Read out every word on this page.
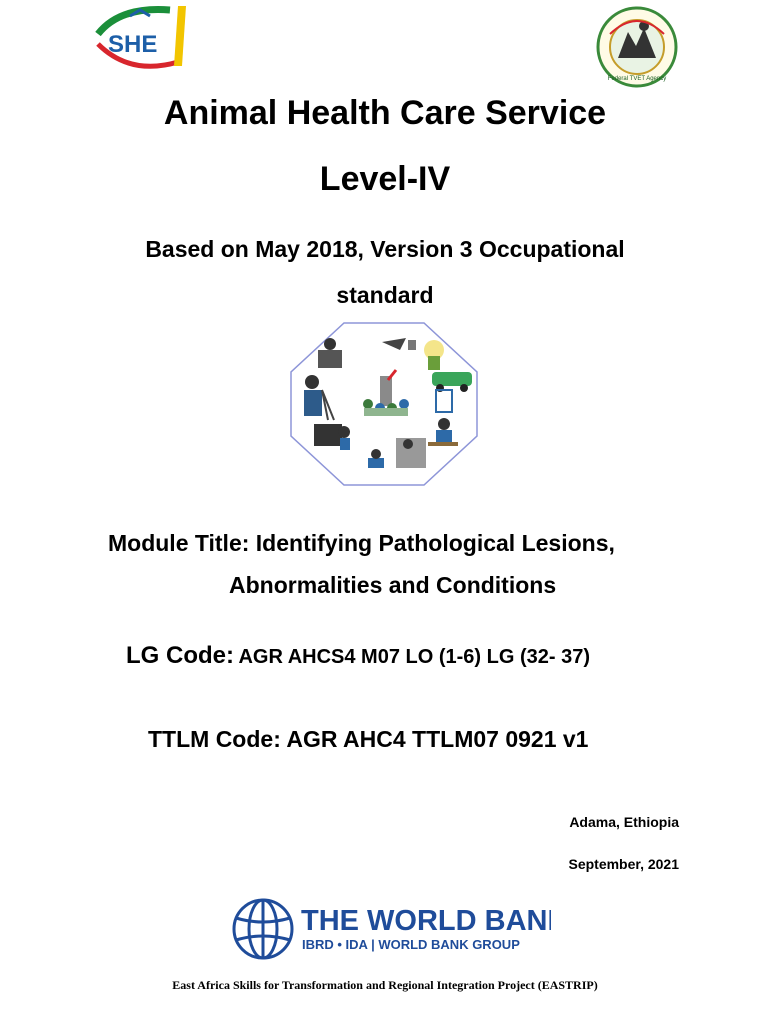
SHE
Federal TVET Agency
Animal Health Care Service
Level-IV
Based on May 2018, Version 3 Occupational
standard
Module Title: Identifying Pathological Lesions,
Abnormalities and Conditions
LG Code: AGR AHCS4 M07 LO (1-6) LG (32- 37)
TTLM Code: AGR AHC4 TTLM07 0921 v1
Adama, Ethiopia
September, 2021
THE WORLD BANK
IBRD • IDA | WORLD BANK GROUP
East Africa Skills for Transformation and Regional Integration Project (EASTRIP)
